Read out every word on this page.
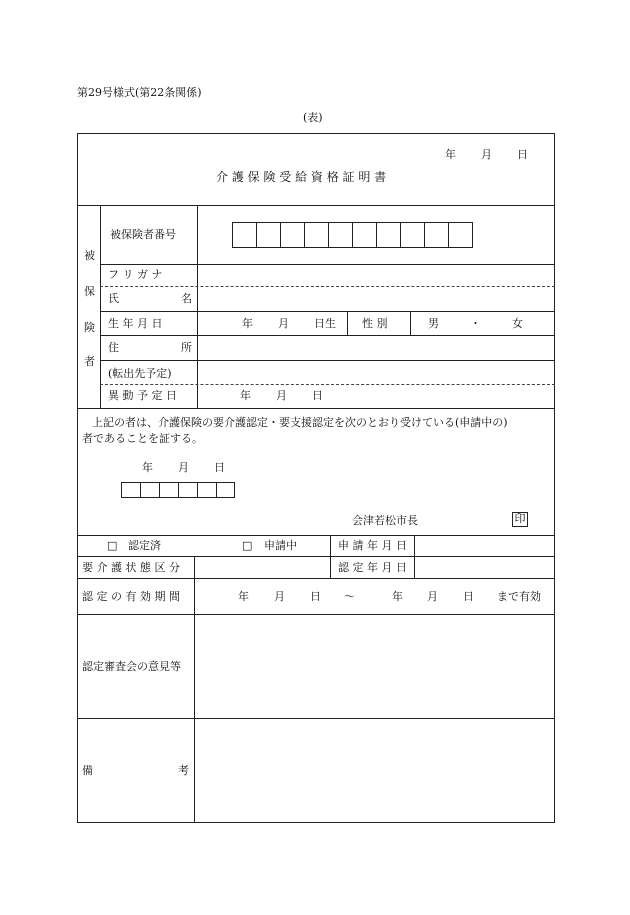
第29号様式(第22条関係)
(表)
年 月 日
介 護 保 険 受 給 資 格 証 明 書
被
保
険
者
被保険者番号
フ リ ガ ナ
氏	名
生 年 月 日	年 月 日生 性 別	男	・	女
住	所
(転出先予定)
異 動 予 定 日	年 月 日
上記の者は、介護保険の要介護認定・要支援認定を次のとおり受けている(申請中の)
者であることを証する。
年 月 日
会津若松市長	印
□ 認定済	□ 申請中	申 請 年 月 日
要 介 護 状 態 区 分	認 定 年 月 日
認 定 の 有 効 期 間	年 月 日 〜	年 月 日 まで有効
認定審査会の意見等
備	考
